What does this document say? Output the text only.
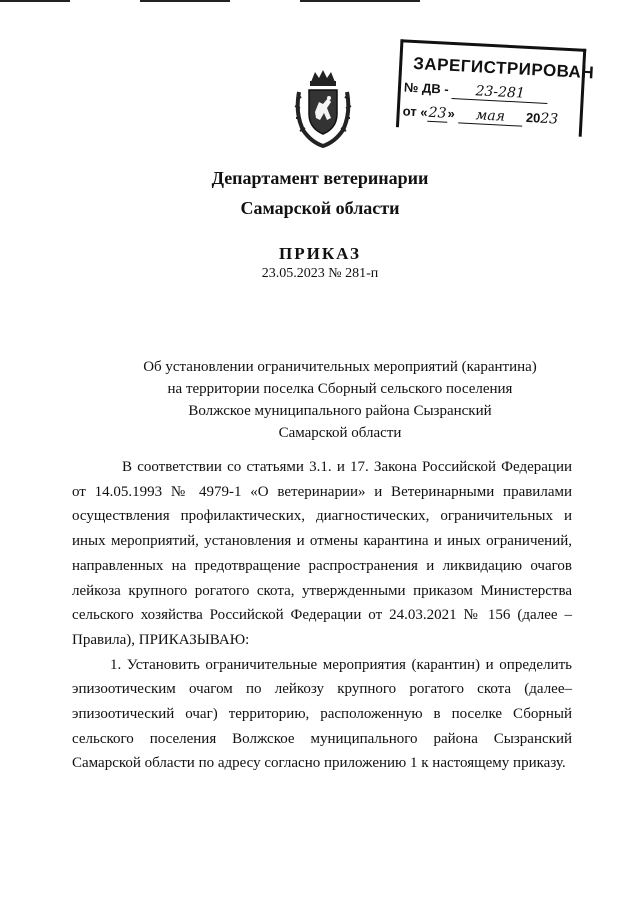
ЗАРЕГИСТРИРОВАН
№ ДВ - 23-281
от «23» мая 2023
Департамент ветеринарии
Самарской области
ПРИКАЗ
23.05.2023 № 281-п
Об установлении ограничительных мероприятий (карантина)
на территории поселка Сборный сельского поселения
Волжское муниципального района Сызранский
Самарской области

В соответствии со статьями 3.1. и 17. Закона Российской Федерации от 14.05.1993 № 4979-1 «О ветеринарии» и Ветеринарными правилами осуществления профилактических, диагностических, ограничительных и иных мероприятий, установления и отмены карантина и иных ограничений, направленных на предотвращение распространения и ликвидацию очагов лейкоза крупного рогатого скота, утвержденными приказом Министерства сельского хозяйства Российской Федерации от 24.03.2021 № 156 (далее – Правила), ПРИКАЗЫВАЮ:

1. Установить ограничительные мероприятия (карантин) и определить эпизоотическим очагом по лейкозу крупного рогатого скота (далее–эпизоотический очаг) территорию, расположенную в поселке Сборный сельского поселения Волжское муниципального района Сызранский Самарской области по адресу согласно приложению 1 к настоящему приказу.
